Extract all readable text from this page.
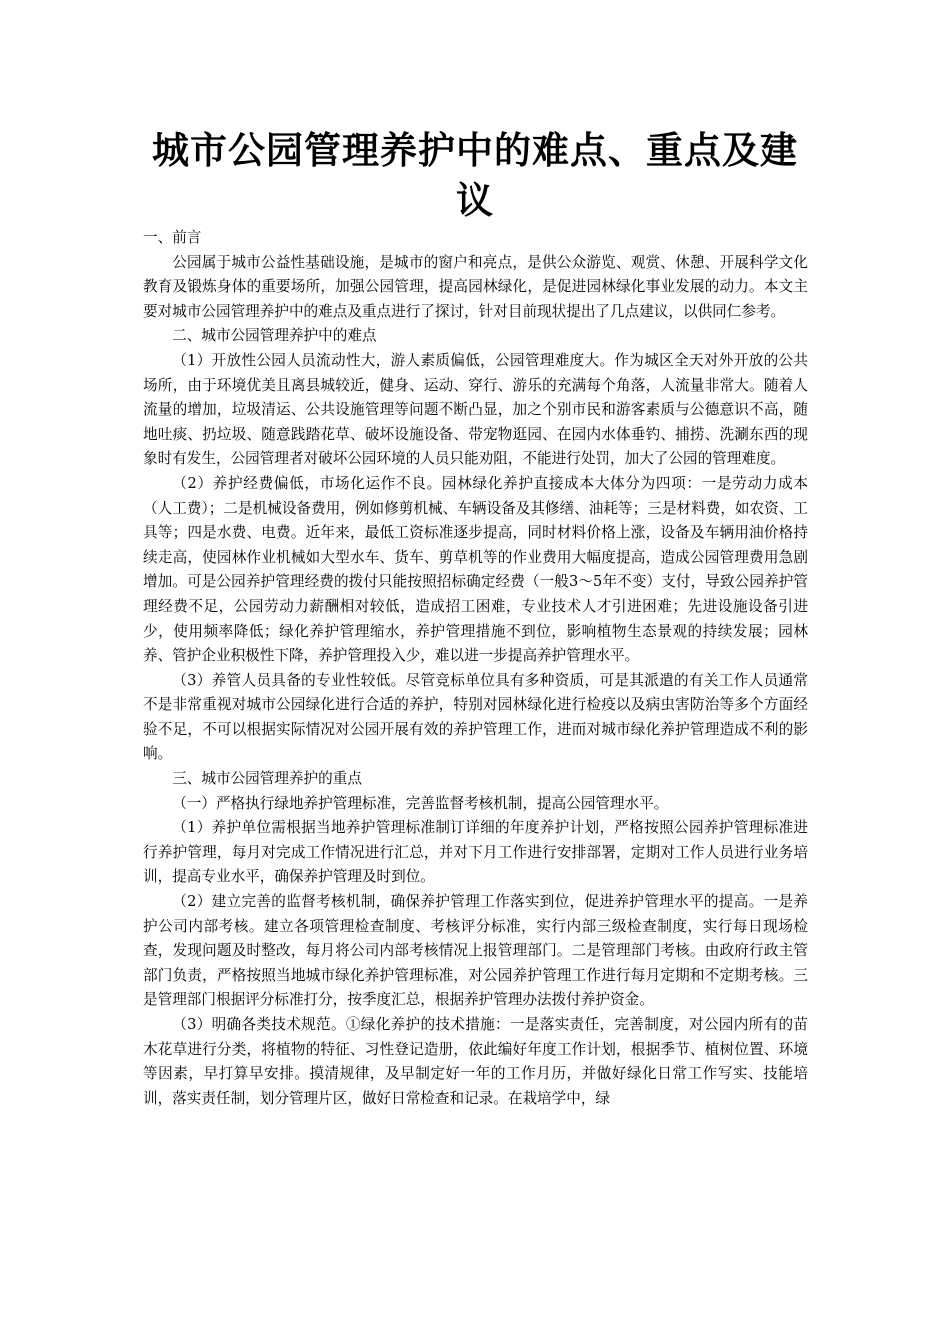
城市公园管理养护中的难点、重点及建议

一、前言

公园属于城市公益性基础设施，是城市的窗户和亮点，是供公众游览、观赏、休憩、开展科学文化教育及锻炼身体的重要场所，加强公园管理，提高园林绿化，是促进园林绿化事业发展的动力。本文主要对城市公园管理养护中的难点及重点进行了探讨，针对目前现状提出了几点建议，以供同仁参考。

二、城市公园管理养护中的难点

（1）开放性公园人员流动性大，游人素质偏低，公园管理难度大。作为城区全天对外开放的公共场所，由于环境优美且离县城较近，健身、运动、穿行、游乐的充满每个角落，人流量非常大。随着人流量的增加，垃圾清运、公共设施管理等问题不断凸显，加之个别市民和游客素质与公德意识不高，随地吐痰、扔垃圾、随意践踏花草、破坏设施设备、带宠物逛园、在园内水体垂钓、捕捞、洗涮东西的现象时有发生，公园管理者对破坏公园环境的人员只能劝阻，不能进行处罚，加大了公园的管理难度。

（2）养护经费偏低，市场化运作不良。园林绿化养护直接成本大体分为四项：一是劳动力成本（人工费）；二是机械设备费用，例如修剪机械、车辆设备及其修缮、油耗等；三是材料费，如农资、工具等；四是水费、电费。近年来，最低工资标准逐步提高，同时材料价格上涨，设备及车辆用油价格持续走高，使园林作业机械如大型水车、货车、剪草机等的作业费用大幅度提高，造成公园管理费用急剧增加。可是公园养护管理经费的拨付只能按照招标确定经费（一般3～5年不变）支付，导致公园养护管理经费不足，公园劳动力薪酬相对较低，造成招工困难，专业技术人才引进困难；先进设施设备引进少，使用频率降低；绿化养护管理缩水，养护管理措施不到位，影响植物生态景观的持续发展；园林养、管护企业积极性下降，养护管理投入少，难以进一步提高养护管理水平。

（3）养管人员具备的专业性较低。尽管竞标单位具有多种资质，可是其派遣的有关工作人员通常不是非常重视对城市公园绿化进行合适的养护，特别对园林绿化进行检疫以及病虫害防治等多个方面经验不足，不可以根据实际情况对公园开展有效的养护管理工作，进而对城市绿化养护管理造成不利的影响。

三、城市公园管理养护的重点

（一）严格执行绿地养护管理标准，完善监督考核机制，提高公园管理水平。

（1）养护单位需根据当地养护管理标准制订详细的年度养护计划，严格按照公园养护管理标准进行养护管理，每月对完成工作情况进行汇总，并对下月工作进行安排部署，定期对工作人员进行业务培训，提高专业水平，确保养护管理及时到位。

（2）建立完善的监督考核机制，确保养护管理工作落实到位，促进养护管理水平的提高。一是养护公司内部考核。建立各项管理检查制度、考核评分标准，实行内部三级检查制度，实行每日现场检查，发现问题及时整改，每月将公司内部考核情况上报管理部门。二是管理部门考核。由政府行政主管部门负责，严格按照当地城市绿化养护管理标准，对公园养护管理工作进行每月定期和不定期考核。三是管理部门根据评分标准打分，按季度汇总，根据养护管理办法拨付养护资金。

（3）明确各类技术规范。①绿化养护的技术措施：一是落实责任，完善制度，对公园内所有的苗木花草进行分类，将植物的特征、习性登记造册，依此编好年度工作计划，根据季节、植树位置、环境等因素，早打算早安排。摸清规律，及早制定好一年的工作月历，并做好绿化日常工作写实、技能培训，落实责任制，划分管理片区，做好日常检查和记录。在栽培学中，绿
